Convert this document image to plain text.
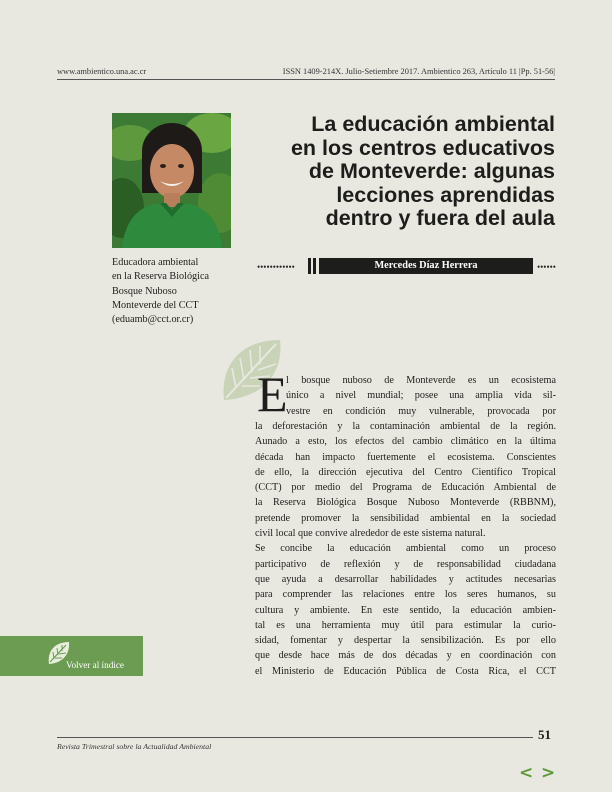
www.ambientico.una.ac.cr	ISSN 1409-214X. Julio-Setiembre 2017. Ambientico 263, Artículo 11 |Pp. 51-56|
Educadora ambiental
en la Reserva Biológica
Bosque Nuboso
Monteverde del CCT
(eduamb@cct.or.cr)
La educación ambiental
en los centros educativos
de Monteverde: algunas
lecciones aprendidas
dentro y fuera del aula
••••••••••••	Mercedes Díaz Herrera	••••••
E
l bosque nuboso de Monteverde es un ecosistema
único a nivel mundial; posee una amplia vida sil-
vestre en condición muy vulnerable, provocada por
la deforestación y la contaminación ambiental de la región.
Aunado a esto, los efectos del cambio climático en la última
década han impacto fuertemente el ecosistema. Conscientes
de ello, la dirección ejecutiva del Centro Científico Tropical
(CCT) por medio del Programa de Educación Ambiental de
la Reserva Biológica Bosque Nuboso Monteverde (RBBNM),
pretende promover la sensibilidad ambiental en la sociedad
civil local que convive alrededor de este sistema natural.
Se concibe la educación ambiental como un proceso
participativo de reflexión y de responsabilidad ciudadana
que ayuda a desarrollar habilidades y actitudes necesarias
para comprender las relaciones entre los seres humanos, su
cultura y ambiente. En este sentido, la educación ambien-
tal es una herramienta muy útil para estimular la curio-
sidad, fomentar y despertar la sensibilización. Es por ello
que desde hace más de dos décadas y en coordinación con
el Ministerio de Educación Pública de Costa Rica, el CCT
Volver al índice
51
Revista Trimestral sobre la Actualidad Ambiental
< >
